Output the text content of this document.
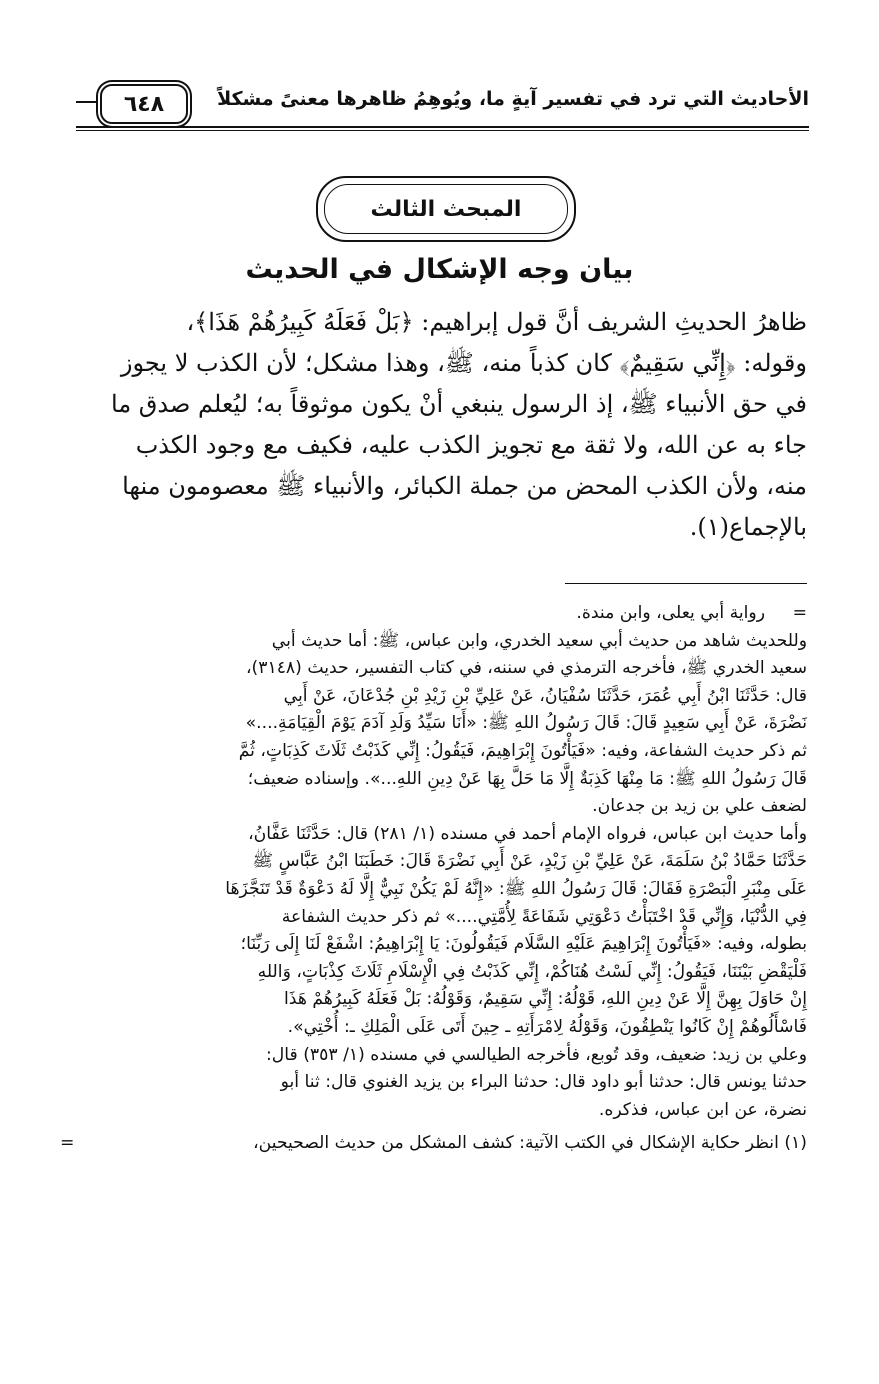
الأحاديث التي ترد في تفسير آيةٍ ما، ويُوهِمُ ظاهرها معنىً مشكلاً
٦٤٨
المبحث الثالث
بيان وجه الإشكال في الحديث
ظاهرُ الحديثِ الشريف أنَّ قول إبراهيم: ﴿بَلْ فَعَلَهُ كَبِيرُهُمْ هَذَا﴾،
وقوله: ﴿إِنِّي سَقِيمٌ﴾ كان كذباً منه، ﷺ، وهذا مشكل؛ لأن الكذب لا يجوز
في حق الأنبياء ﷺ، إذ الرسول ينبغي أنْ يكون موثوقاً به؛ ليُعلم صدق ما
جاء به عن الله، ولا ثقة مع تجويز الكذب عليه، فكيف مع وجود الكذب
منه، ولأن الكذب المحض من جملة الكبائر، والأنبياء ﷺ معصومون منها
بالإجماع(١).
=
رواية أبي يعلى، وابن مندة.
وللحديث شاهد من حديث أبي سعيد الخدري، وابن عباس، ﷺ: أما حديث أبي
سعيد الخدري ﷺ، فأخرجه الترمذي في سننه، في كتاب التفسير، حديث (٣١٤٨)،
قال: حَدَّثَنَا ابْنُ أَبِي عُمَرَ، حَدَّثَنَا سُفْيَانُ، عَنْ عَلِيِّ بْنِ زَيْدِ بْنِ جُدْعَانَ، عَنْ أَبِي
نَضْرَةَ، عَنْ أَبِي سَعِيدٍ قَالَ: قَالَ رَسُولُ اللهِ ﷺ: «أَنَا سَيِّدُ وَلَدِ آدَمَ يَوْمَ الْقِيَامَةِ....»
ثم ذكر حديث الشفاعة، وفيه: «فَيَأْتُونَ إِبْرَاهِيمَ، فَيَقُولُ: إِنِّي كَذَبْتُ ثَلَاثَ كَذِبَاتٍ، ثُمَّ
قَالَ رَسُولُ اللهِ ﷺ: مَا مِنْهَا كَذِبَةٌ إِلَّا مَا حَلَّ بِهَا عَنْ دِينِ اللهِ...». وإسناده ضعيف؛
لضعف علي بن زيد بن جدعان.
وأما حديث ابن عباس، فرواه الإمام أحمد في مسنده (١/ ٢٨١) قال: حَدَّثَنَا عَفَّانُ،
حَدَّثَنَا حَمَّادُ بْنُ سَلَمَةَ، عَنْ عَلِيِّ بْنِ زَيْدٍ، عَنْ أَبِي نَضْرَةَ قَالَ: خَطَبَنَا ابْنُ عَبَّاسٍ ﷺ
عَلَى مِنْبَرِ الْبَصْرَةِ فَقَالَ: قَالَ رَسُولُ اللهِ ﷺ: «إِنَّهُ لَمْ يَكُنْ نَبِيٌّ إِلَّا لَهُ دَعْوَةٌ قَدْ تَنَجَّزَهَا
فِي الدُّنْيَا، وَإِنِّي قَدْ اخْتَبَأْتُ دَعْوَتِي شَفَاعَةً لِأُمَّتِي....» ثم ذكر حديث الشفاعة
بطوله، وفيه: «فَيَأْتُونَ إِبْرَاهِيمَ عَلَيْهِ السَّلَام فَيَقُولُونَ: يَا إِبْرَاهِيمُ: اشْفَعْ لَنَا إِلَى رَبِّنَا؛
فَلْيَقْضِ بَيْنَنَا، فَيَقُولُ: إِنِّي لَسْتُ هُنَاكُمْ، إِنِّي كَذَبْتُ فِي الْإِسْلَامِ ثَلَاثَ كِذْبَاتٍ، وَاللهِ
إِنْ حَاوَلَ بِهِنَّ إِلَّا عَنْ دِينِ اللهِ، قَوْلُهُ: إِنِّي سَقِيمٌ، وَقَوْلُهُ: بَلْ فَعَلَهُ كَبِيرُهُمْ هَذَا
فَاسْأَلُوهُمْ إِنْ كَانُوا يَنْطِقُونَ، وَقَوْلُهُ لِامْرَأَتِهِ ـ حِينَ أَتَى عَلَى الْمَلِكِ ـ: أُخْتِي».
وعلي بن زيد: ضعيف، وقد تُوبع، فأخرجه الطيالسي في مسنده (١/ ٣٥٣) قال:
حدثنا يونس قال: حدثنا أبو داود قال: حدثنا البراء بن يزيد الغنوي قال: ثنا أبو
نضرة، عن ابن عباس، فذكره.
(١) انظر حكاية الإشكال في الكتب الآتية: كشف المشكل من حديث الصحيحين،
=
